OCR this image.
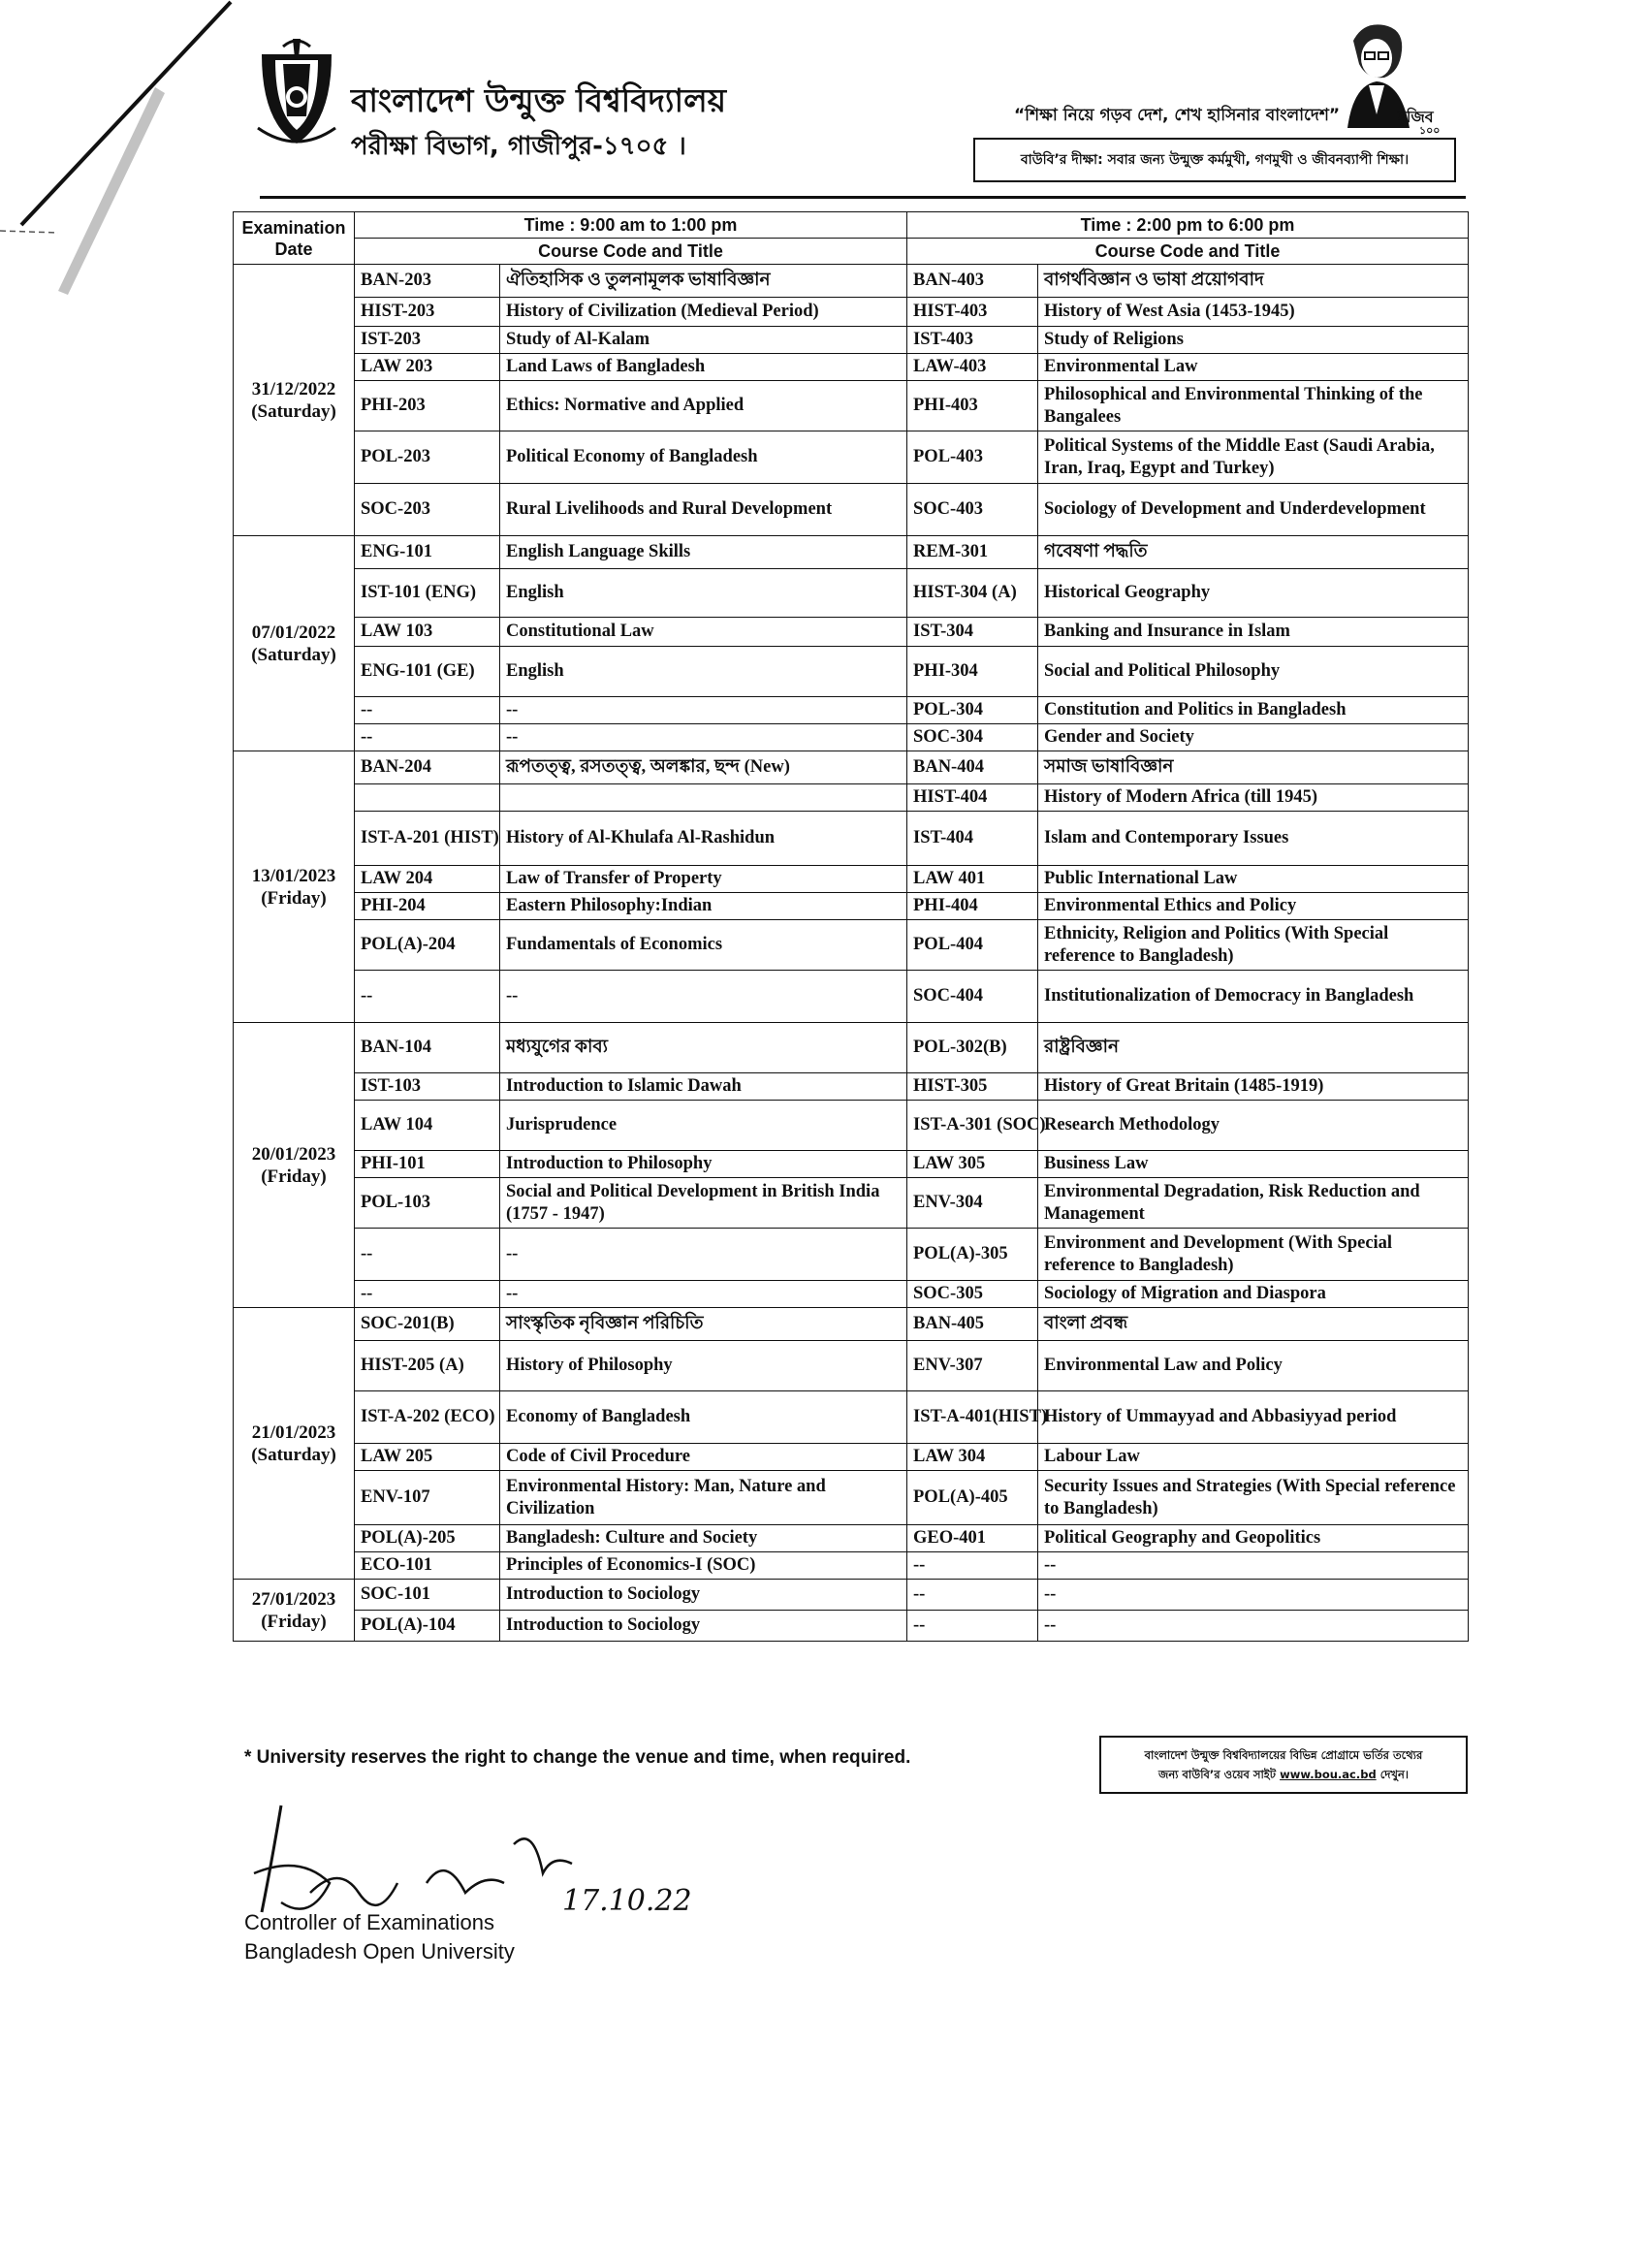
বাংলাদেশ উন্মুক্ত বিশ্ববিদ্যালয়
পরীক্ষা বিভাগ, গাজীপুর-১৭০৫ ।
“শিক্ষা নিয়ে গড়ব দেশ, শেখ হাসিনার বাংলাদেশ”	মুজিব
১০০
বাউবি’র দীক্ষা: সবার জন্য উন্মুক্ত কর্মমুখী, গণমুখী ও জীবনব্যাপী শিক্ষা।
Examination Date	Time : 9:00 am to 1:00 pm		Time : 2:00 pm to 6:00 pm	
	Course Code and Title		Course Code and Title	

31/12/2022
(Saturday)	BAN-203	ঐতিহাসিক ও তুলনামূলক ভাষাবিজ্ঞান	BAN-403	বাগর্থবিজ্ঞান ও ভাষা প্রয়োগবাদ
	HIST-203	History of Civilization (Medieval Period)	HIST-403	History of West Asia (1453-1945)
	IST-203	Study of Al-Kalam	IST-403	Study of Religions
	LAW 203	Land Laws of Bangladesh	LAW-403	Environmental Law
	PHI-203	Ethics: Normative and Applied	PHI-403	Philosophical and Environmental Thinking of the Bangalees
	POL-203	Political Economy of Bangladesh	POL-403	Political Systems of the Middle East (Saudi Arabia, Iran, Iraq, Egypt and Turkey)
	SOC-203	Rural Livelihoods and Rural Development	SOC-403	Sociology of Development and Underdevelopment

07/01/2022
(Saturday)	ENG-101	English Language Skills	REM-301	গবেষণা পদ্ধতি
	IST-101 (ENG)	English	HIST-304 (A)	Historical Geography
	LAW 103	Constitutional Law	IST-304	Banking and Insurance in Islam
	ENG-101 (GE)	English	PHI-304	Social and Political Philosophy
	--	--	POL-304	Constitution and Politics in Bangladesh
	--	--	SOC-304	Gender and Society

13/01/2023
(Friday)	BAN-204	রূপতত্ত্ব, রসতত্ত্ব, অলঙ্কার, ছন্দ (New)	BAN-404	সমাজ ভাষাবিজ্ঞান
			HIST-404	History of Modern Africa (till 1945)
	IST-A-201 (HIST)	History of Al-Khulafa Al-Rashidun	IST-404	Islam and Contemporary Issues
	LAW 204	Law of Transfer of Property	LAW 401	Public International Law
	PHI-204	Eastern Philosophy:Indian	PHI-404	Environmental Ethics and Policy
	POL(A)-204	Fundamentals of Economics	POL-404	Ethnicity, Religion and Politics (With Special reference to Bangladesh)
	--	--	SOC-404	Institutionalization of Democracy in Bangladesh

20/01/2023
(Friday)	BAN-104	মধ্যযুগের কাব্য	POL-302(B)	রাষ্ট্রবিজ্ঞান
	IST-103	Introduction to Islamic Dawah	HIST-305	History of Great Britain (1485-1919)
	LAW 104	Jurisprudence	IST-A-301 (SOC)	Research Methodology
	PHI-101	Introduction to Philosophy	LAW 305	Business Law
	POL-103	Social and Political Development in British India (1757 - 1947)	ENV-304	Environmental Degradation, Risk Reduction and Management
	--	--	POL(A)-305	Environment and Development (With Special reference to Bangladesh)
	--	--	SOC-305	Sociology of Migration and Diaspora

21/01/2023
(Saturday)	SOC-201(B)	সাংস্কৃতিক নৃবিজ্ঞান পরিচিতি	BAN-405	বাংলা প্রবন্ধ
	HIST-205 (A)	History of Philosophy	ENV-307	Environmental Law and Policy
	IST-A-202 (ECO)	Economy of Bangladesh	IST-A-401(HIST)	History of Ummayyad and Abbasiyyad period
	LAW 205	Code of Civil Procedure	LAW 304	Labour Law
	ENV-107	Environmental History: Man, Nature and Civilization	POL(A)-405	Security Issues and Strategies (With Special reference to Bangladesh)
	POL(A)-205	Bangladesh: Culture and Society	GEO-401	Political Geography and Geopolitics
	ECO-101	Principles of Economics-I (SOC)	--	--

27/01/2023
(Friday)	SOC-101	Introduction to Sociology	--	--
	POL(A)-104	Introduction to Sociology	--	--
* University reserves the right to change the venue and time, when required.	বাংলাদেশ উন্মুক্ত বিশ্ববিদ্যালয়ের বিভিন্ন প্রোগ্রামে ভর্তির তথ্যের
জন্য বাউবি’র ওয়েব সাইট www.bou.ac.bd দেখুন।
17.10.22
Controller of Examinations
Bangladesh Open University
